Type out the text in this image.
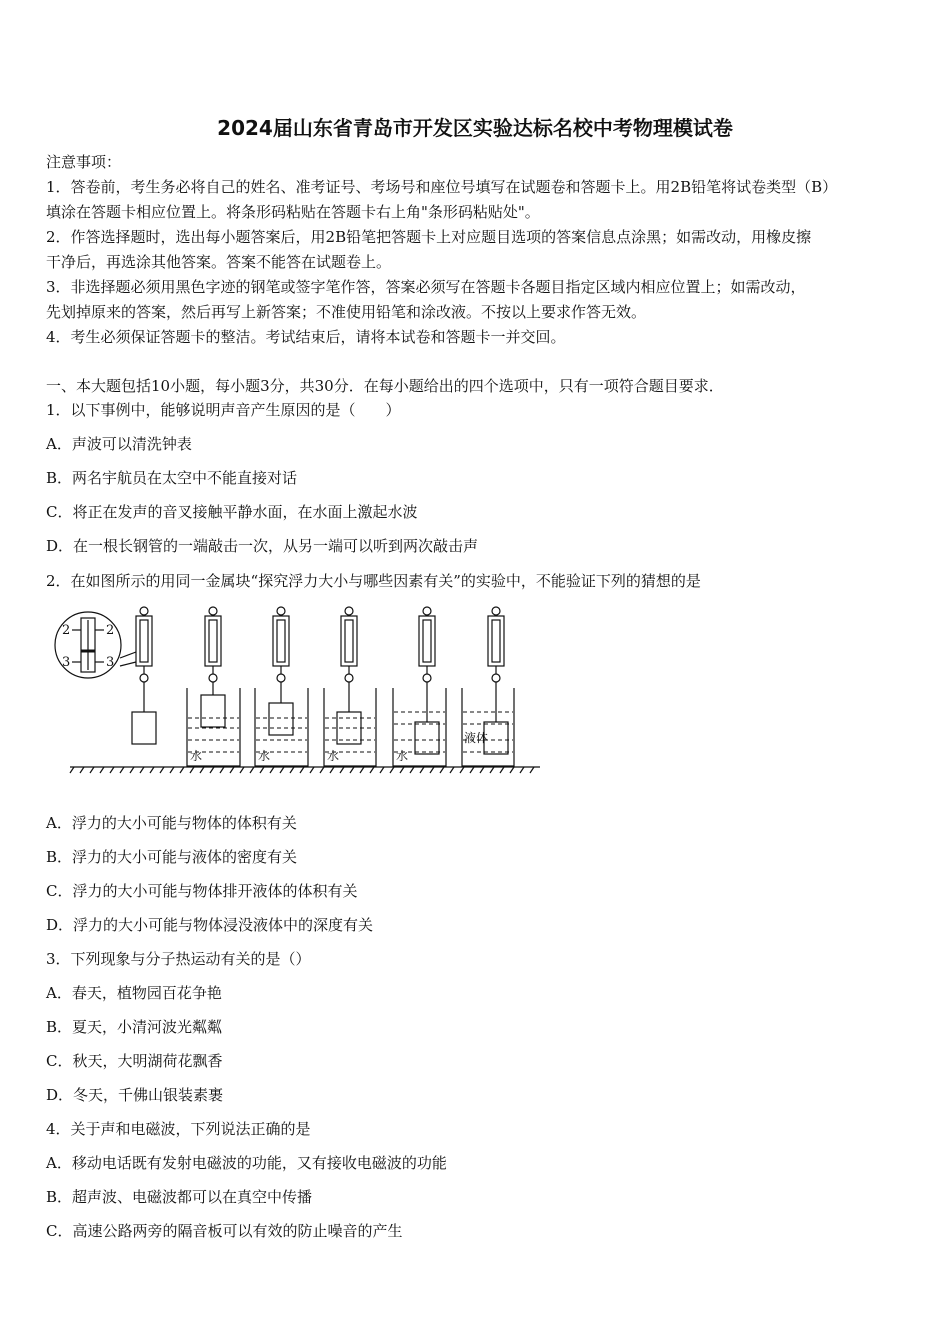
2024届山东省青岛市开发区实验达标名校中考物理模试卷
注意事项：
1．答卷前，考生务必将自己的姓名、准考证号、考场号和座位号填写在试题卷和答题卡上。用2B铅笔将试卷类型（B）
填涂在答题卡相应位置上。将条形码粘贴在答题卡右上角"条形码粘贴处"。
2．作答选择题时，选出每小题答案后，用2B铅笔把答题卡上对应题目选项的答案信息点涂黑；如需改动，用橡皮擦
干净后，再选涂其他答案。答案不能答在试题卷上。
3．非选择题必须用黑色字迹的钢笔或签字笔作答，答案必须写在答题卡各题目指定区域内相应位置上；如需改动，
先划掉原来的答案，然后再写上新答案；不准使用铅笔和涂改液。不按以上要求作答无效。
4．考生必须保证答题卡的整洁。考试结束后，请将本试卷和答题卡一并交回。
一、本大题包括10小题，每小题3分，共30分．在每小题给出的四个选项中，只有一项符合题目要求．
1．以下事例中，能够说明声音产生原因的是（　　）
A．声波可以清洗钟表
B．两名宇航员在太空中不能直接对话
C．将正在发声的音叉接触平静水面，在水面上激起水波
D．在一根长钢管的一端敲击一次，从另一端可以听到两次敲击声
2．在如图所示的用同一金属块“探究浮力大小与哪些因素有关”的实验中，不能验证下列的猜想的是
2	2
3	3
水	水	水	水
液体
A．浮力的大小可能与物体的体积有关
B．浮力的大小可能与液体的密度有关
C．浮力的大小可能与物体排开液体的体积有关
D．浮力的大小可能与物体浸没液体中的深度有关
3．下列现象与分子热运动有关的是（）
A．春天，植物园百花争艳
B．夏天，小清河波光粼粼
C．秋天，大明湖荷花飘香
D．冬天，千佛山银装素裹
4．关于声和电磁波，下列说法正确的是
A．移动电话既有发射电磁波的功能，又有接收电磁波的功能
B．超声波、电磁波都可以在真空中传播
C．高速公路两旁的隔音板可以有效的防止噪音的产生
